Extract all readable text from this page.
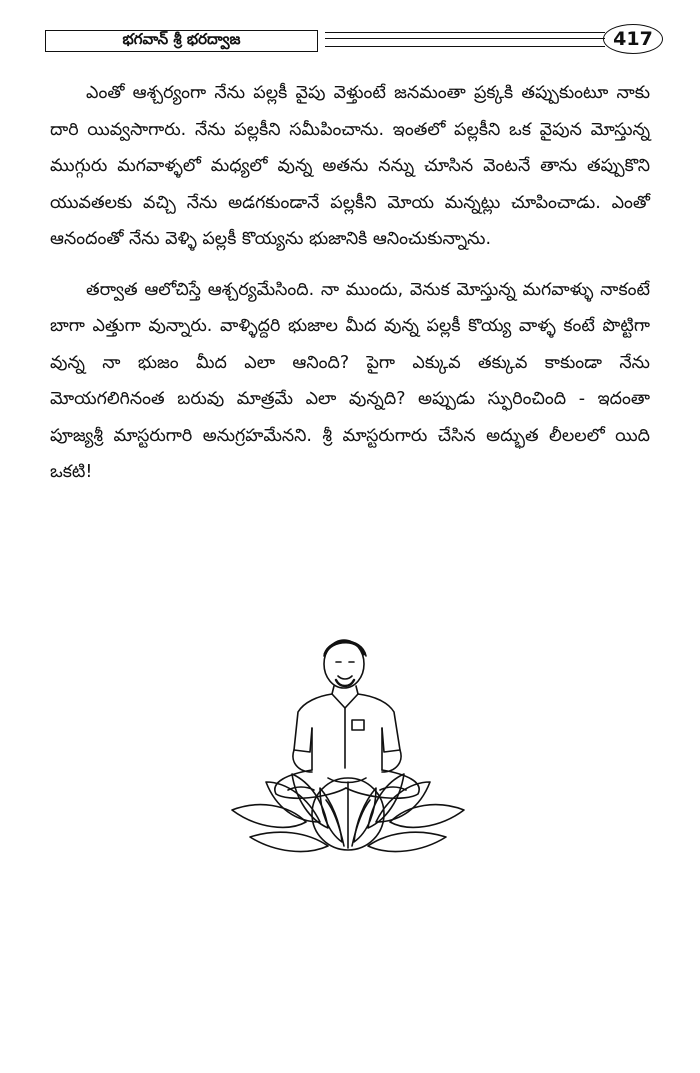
భగవాన్ శ్రీ భరద్వాజ	417

ఎంతో ఆశ్చర్యంగా నేను పల్లకీ వైపు వెళ్తుంటే జనమంతా ప్రక్కకి తప్పుకుంటూ నాకు దారి యివ్వసాగారు. నేను పల్లకీని సమీపించాను. ఇంతలో పల్లకీని ఒక వైపున మోస్తున్న ముగ్గురు మగవాళ్ళలో మధ్యలో వున్న అతను నన్ను చూసిన వెంటనే తాను తప్పుకొని యువతలకు వచ్చి నేను అడగకుండానే పల్లకీని మోయ మన్నట్లు చూపించాడు. ఎంతో ఆనందంతో నేను వెళ్ళి పల్లకీ కొయ్యను భుజానికి ఆనించుకున్నాను.

తర్వాత ఆలోచిస్తే ఆశ్చర్యమేసింది. నా ముందు, వెనుక మోస్తున్న మగవాళ్ళు నాకంటే బాగా ఎత్తుగా వున్నారు. వాళ్ళిద్దరి భుజాల మీద వున్న పల్లకీ కొయ్య వాళ్ళ కంటే పొట్టిగా వున్న నా భుజం మీద ఎలా ఆనింది? పైగా ఎక్కువ తక్కువ కాకుండా నేను మోయగలిగినంత బరువు మాత్రమే ఎలా వున్నది? అప్పుడు స్ఫురించింది - ఇదంతా పూజ్యశ్రీ మాస్టరుగారి అనుగ్రహమేనని. శ్రీ మాస్టరుగారు చేసిన అద్భుత లీలలలో యిది ఒకటి!
